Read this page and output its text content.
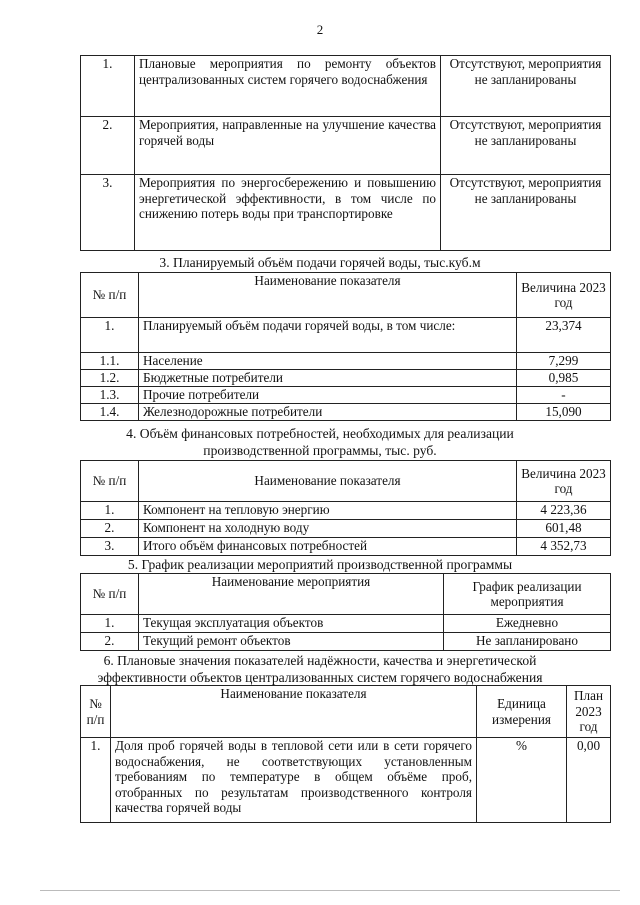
2
1.	Плановые мероприятия по ремонту объектов централизованных систем горячего водоснабжения	Отсутствуют, мероприятия не запланированы
2.	Мероприятия, направленные на улучшение качества горячей воды	Отсутствуют, мероприятия не запланированы
3.	Мероприятия по энергосбережению и повышению энергетической эффективности, в том числе по снижению потерь воды при транспортировке	Отсутствуют, мероприятия не запланированы
3. Планируемый объём подачи горячей воды, тыс.куб.м
№ п/п	Наименование показателя	Величина 2023 год
1.	Планируемый объём подачи горячей воды, в том числе:	23,374
1.1.	Население	7,299
1.2.	Бюджетные потребители	0,985
1.3.	Прочие потребители	-
1.4.	Железнодорожные потребители	15,090
4. Объём финансовых потребностей, необходимых для реализации
производственной программы, тыс. руб.
№ п/п	Наименование показателя	Величина 2023 год
1.	Компонент на тепловую энергию	4 223,36
2.	Компонент на холодную воду	601,48
3.	Итого объём финансовых потребностей	4 352,73
5. График реализации мероприятий производственной программы
№ п/п	Наименование мероприятия	График реализации мероприятия
1.	Текущая эксплуатация объектов	Ежедневно
2.	Текущий ремонт объектов	Не запланировано
6. Плановые значения показателей надёжности, качества и энергетической
эффективности объектов централизованных систем горячего водоснабжения
№ п/п	Наименование показателя	Единица измерения	План 2023 год
1.	Доля проб горячей воды в тепловой сети или в сети горячего водоснабжения, не соответствующих установленным требованиям по температуре в общем объёме проб, отобранных по результатам производственного контроля качества горячей воды	%	0,00
